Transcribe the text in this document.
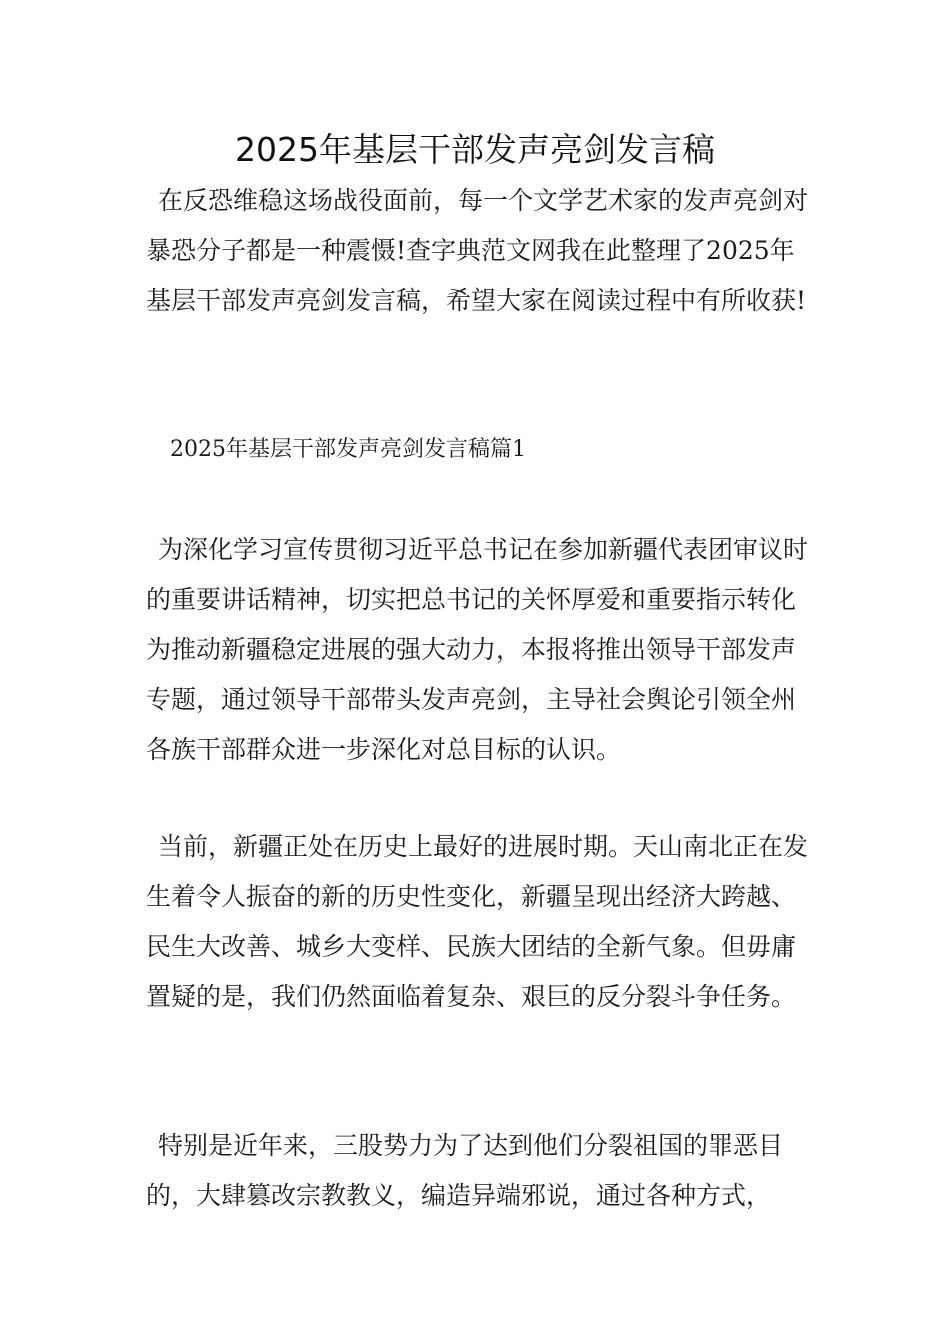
2025年基层干部发声亮剑发言稿

在反恐维稳这场战役面前，每一个文学艺术家的发声亮剑对暴恐分子都是一种震慑!查字典范文网我在此整理了2025年基层干部发声亮剑发言稿，希望大家在阅读过程中有所收获!

2025年基层干部发声亮剑发言稿篇1

为深化学习宣传贯彻习近平总书记在参加新疆代表团审议时的重要讲话精神，切实把总书记的关怀厚爱和重要指示转化为推动新疆稳定进展的强大动力，本报将推出领导干部发声专题，通过领导干部带头发声亮剑，主导社会舆论引领全州各族干部群众进一步深化对总目标的认识。

当前，新疆正处在历史上最好的进展时期。天山南北正在发生着令人振奋的新的历史性变化，新疆呈现出经济大跨越、民生大改善、城乡大变样、民族大团结的全新气象。但毋庸置疑的是，我们仍然面临着复杂、艰巨的反分裂斗争任务。

特别是近年来，三股势力为了达到他们分裂祖国的罪恶目的，大肆篡改宗教教义，编造异端邪说，通过各种方式，
